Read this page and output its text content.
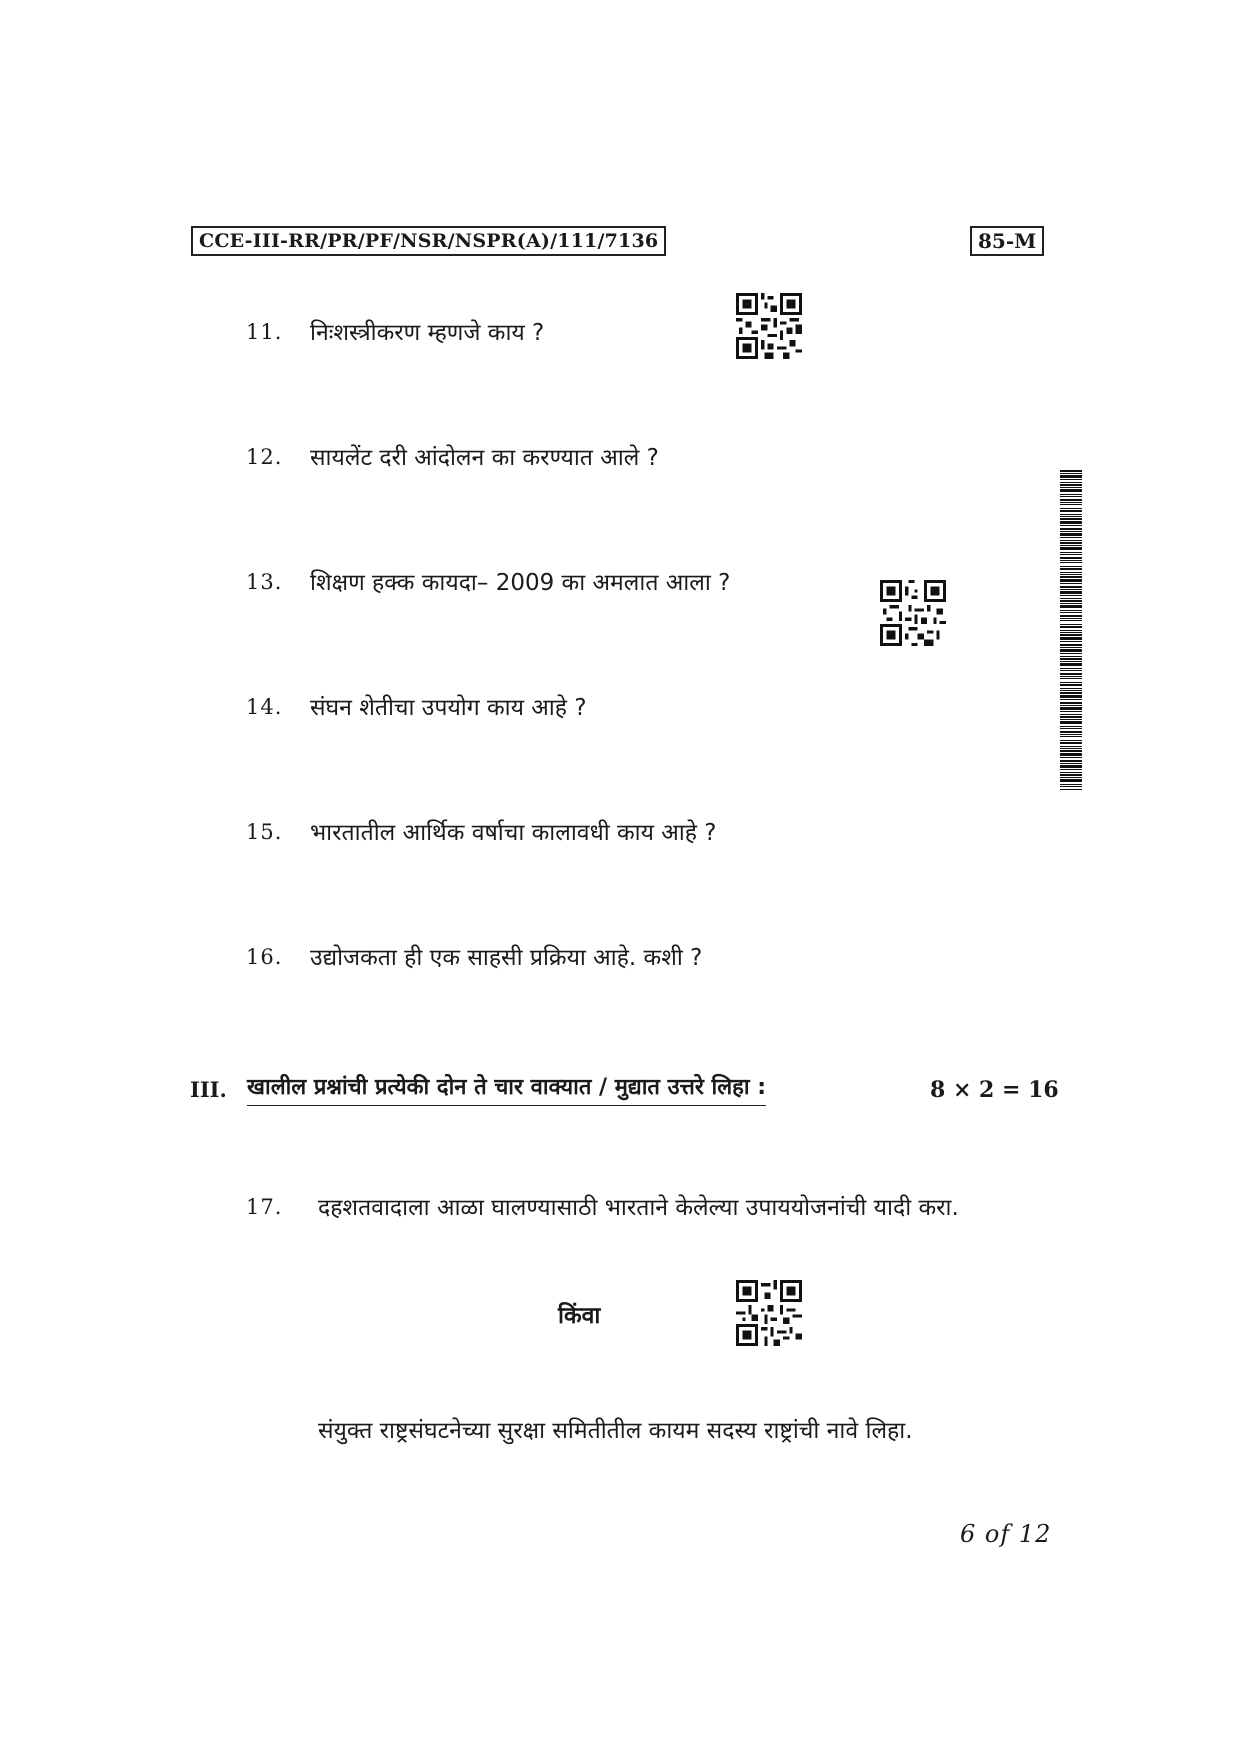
CCE-III-RR/PR/PF/NSR/NSPR(A)/111/7136	85-M
11. निःशस्त्रीकरण म्हणजे काय ?
12. सायलेंट दरी आंदोलन का करण्यात आले ?
13. शिक्षण हक्क कायदा– 2009 का अमलात आला ?
14. संघन शेतीचा उपयोग काय आहे ?
15. भारतातील आर्थिक वर्षाचा कालावधी काय आहे ?
16. उद्योजकता ही एक साहसी प्रक्रिया आहे. कशी ?
III. खालील प्रश्नांची प्रत्येकी दोन ते चार वाक्यात / मुद्यात उत्तरे लिहा :	8 × 2 = 16
17. दहशतवादाला आळा घालण्यासाठी भारताने केलेल्या उपाययोजनांची यादी करा.
किंवा
संयुक्त राष्ट्रसंघटनेच्या सुरक्षा समितीतील कायम सदस्य राष्ट्रांची नावे लिहा.
6 of 12
